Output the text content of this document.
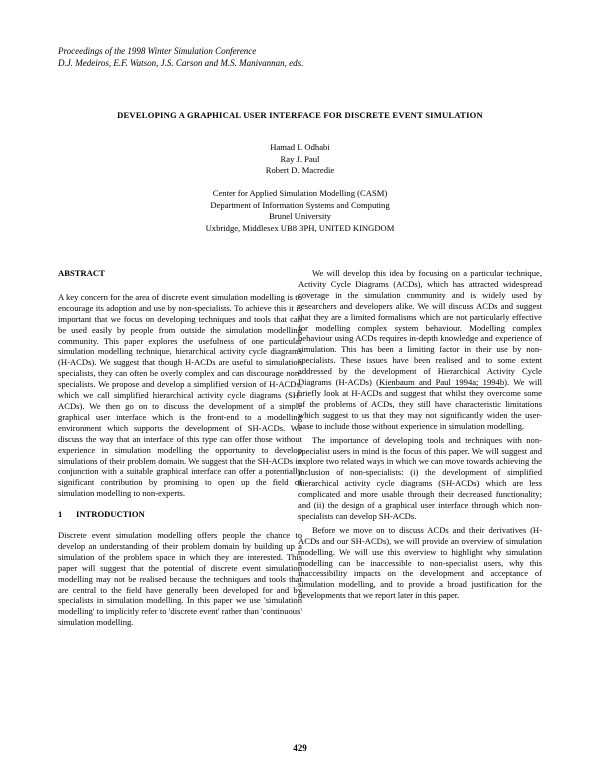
Proceedings of the 1998 Winter Simulation Conference
D.J. Medeiros, E.F. Watson, J.S. Carson and M.S. Manivannan, eds.
DEVELOPING A GRAPHICAL USER INTERFACE FOR DISCRETE EVENT SIMULATION
Hamad I. Odhabi
Ray J. Paul
Robert D. Macredie
Center for Applied Simulation Modelling (CASM)
Department of Information Systems and Computing
Brunel University
Uxbridge, Middlesex UB8 3PH, UNITED KINGDOM
ABSTRACT

A key concern for the area of discrete event simulation modelling is to encourage its adoption and use by non-specialists. To achieve this it is important that we focus on developing techniques and tools that can be used easily by people from outside the simulation modelling community. This paper explores the usefulness of one particular simulation modelling technique, hierarchical activity cycle diagrams (H-ACDs). We suggest that though H-ACDs are useful to simulation specialists, they can often be overly complex and can discourage non-specialists. We propose and develop a simplified version of H-ACDs, which we call simplified hierarchical activity cycle diagrams (SH-ACDs). We then go on to discuss the development of a simple graphical user interface which is the front-end to a modelling environment which supports the development of SH-ACDs. We discuss the way that an interface of this type can offer those without experience in simulation modelling the opportunity to develop simulations of their problem domain. We suggest that the SH-ACDs in conjunction with a suitable graphical interface can offer a potentially significant contribution by promising to open up the field of simulation modelling to non-experts.

1 INTRODUCTION

Discrete event simulation modelling offers people the chance to develop an understanding of their problem domain by building up a simulation of the problem space in which they are interested. This paper will suggest that the potential of discrete event simulation modelling may not be realised because the techniques and tools that are central to the field have generally been developed for and by specialists in simulation modelling. In this paper we use 'simulation modelling' to implicitly refer to 'discrete event' rather than 'continuous' simulation modelling.

We will develop this idea by focusing on a particular technique, Activity Cycle Diagrams (ACDs), which has attracted widespread coverage in the simulation community and is widely used by researchers and developers alike. We will discuss ACDs and suggest that they are a limited formalisms which are not particularly effective for modelling complex system behaviour. Modelling complex behaviour using ACDs requires in-depth knowledge and experience of simulation. This has been a limiting factor in their use by non-specialists. These issues have been realised and to some extent addressed by the development of Hierarchical Activity Cycle Diagrams (H-ACDs) (Kienbaum and Paul 1994a; 1994b). We will briefly look at H-ACDs and suggest that whilst they overcome some of the problems of ACDs, they still have characteristic limitations which suggest to us that they may not significantly widen the user-base to include those without experience in simulation modelling.

The importance of developing tools and techniques with non-specialist users in mind is the focus of this paper. We will suggest and explore two related ways in which we can move towards achieving the inclusion of non-specialists: (i) the development of simplified hierarchical activity cycle diagrams (SH-ACDs) which are less complicated and more usable through their decreased functionality; and (ii) the design of a graphical user interface through which non-specialists can develop SH-ACDs.

Before we move on to discuss ACDs and their derivatives (H-ACDs and our SH-ACDs), we will provide an overview of simulation modelling. We will use this overview to highlight why simulation modelling can be inaccessible to non-specialist users, why this inaccessibility impacts on the development and acceptance of simulation modelling, and to provide a broad justification for the developments that we report later in this paper.

429
